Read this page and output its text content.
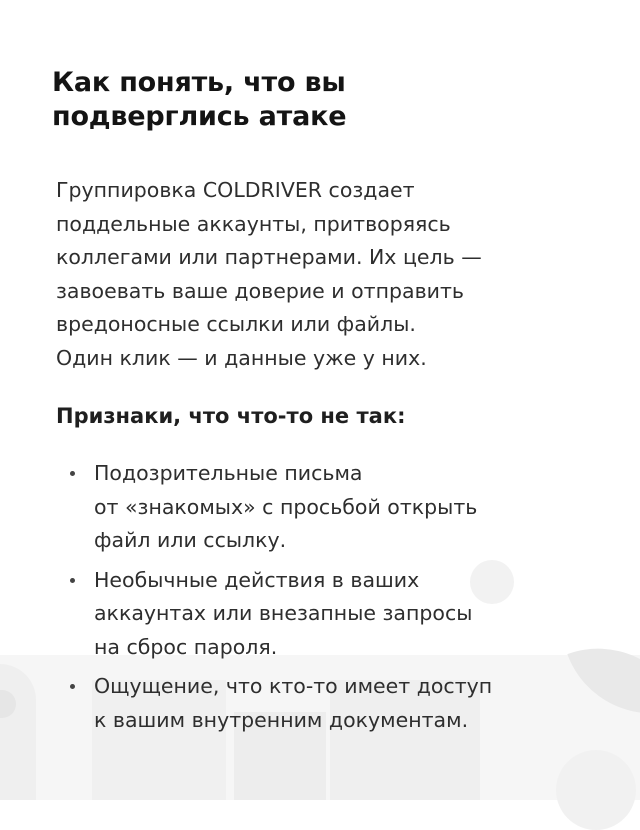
Как понять, что вы
подверглись атаке
Группировка COLDRIVER создает
поддельные аккаунты, притворяясь
коллегами или партнерами. Их цель —
завоевать ваше доверие и отправить
вредоносные ссылки или файлы.
Один клик — и данные уже у них.
Признаки, что что-то не так:
Подозрительные письма
от «знакомых» с просьбой открыть
файл или ссылку.
Необычные действия в ваших
аккаунтах или внезапные запросы
на сброс пароля.
Ощущение, что кто-то имеет доступ
к вашим внутренним документам.
